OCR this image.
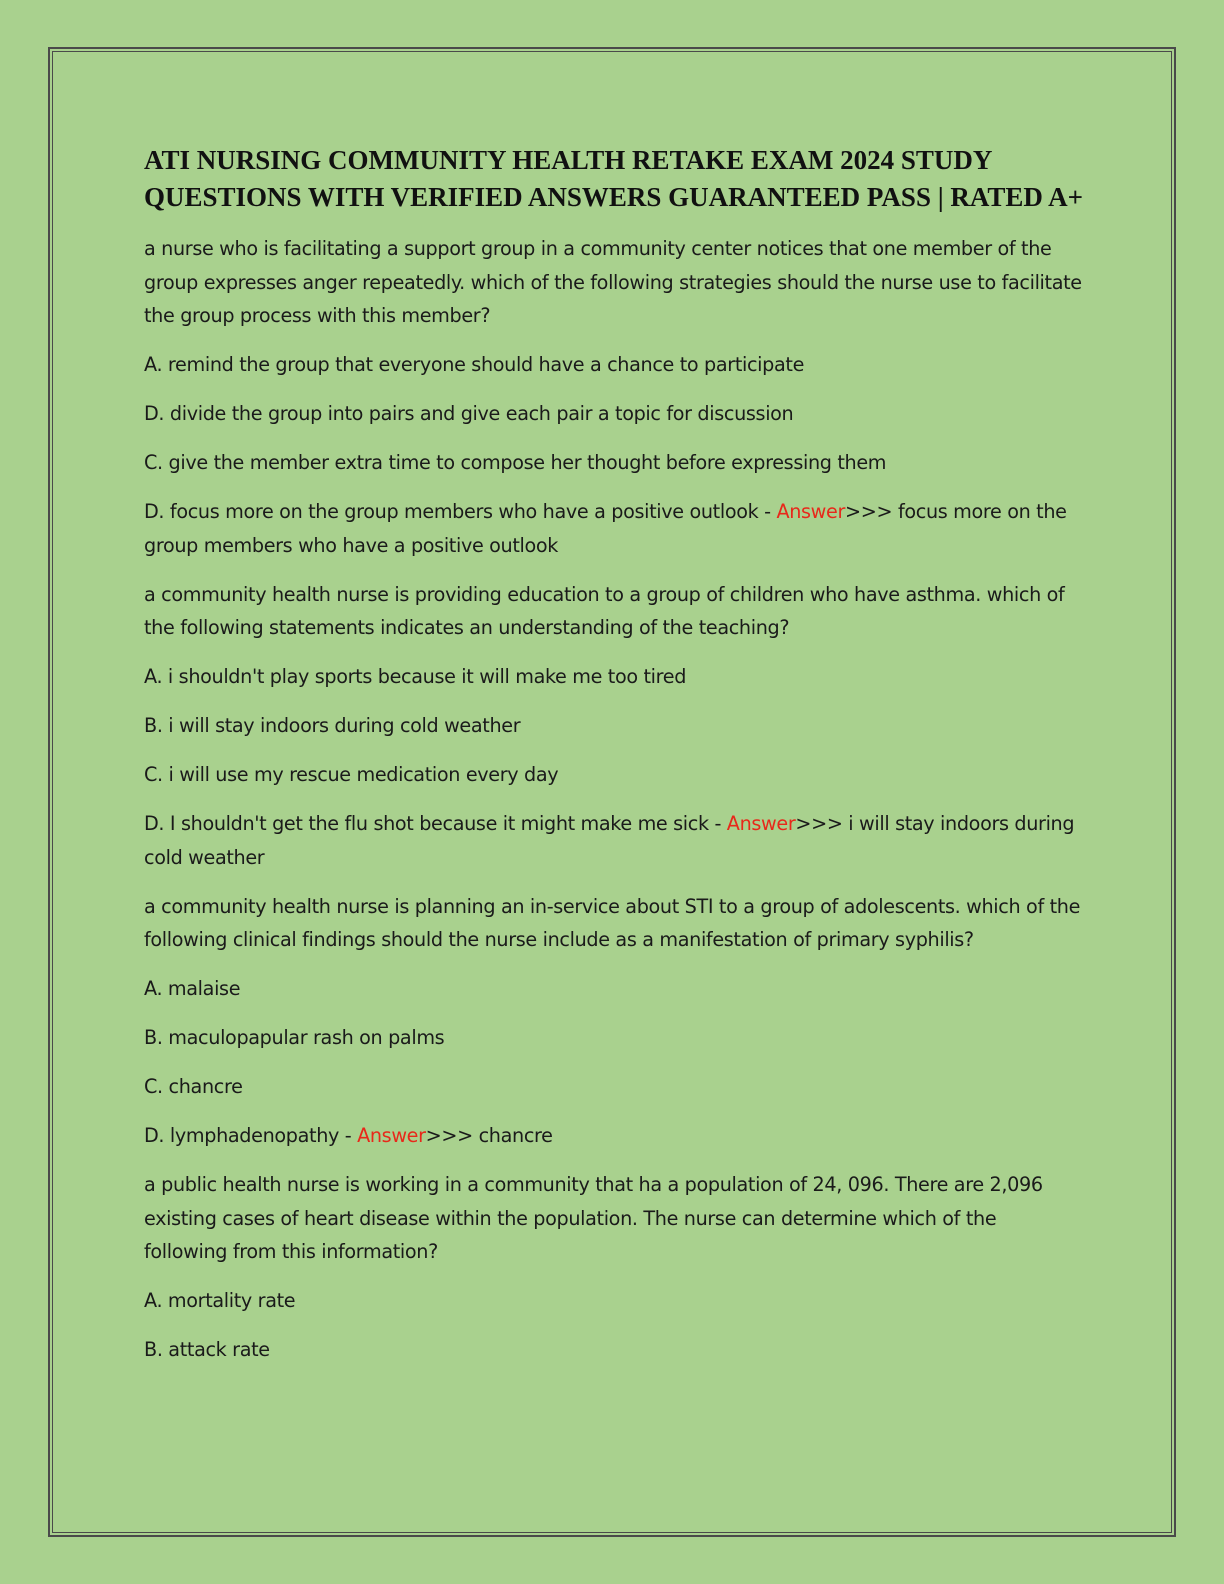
ATI NURSING COMMUNITY HEALTH RETAKE EXAM 2024 STUDY QUESTIONS WITH VERIFIED ANSWERS GUARANTEED PASS | RATED A+

a nurse who is facilitating a support group in a community center notices that one member of the group expresses anger repeatedly. which of the following strategies should the nurse use to facilitate the group process with this member?

A. remind the group that everyone should have a chance to participate

D. divide the group into pairs and give each pair a topic for discussion

C. give the member extra time to compose her thought before expressing them

D. focus more on the group members who have a positive outlook - Answer>>> focus more on the group members who have a positive outlook

a community health nurse is providing education to a group of children who have asthma. which of the following statements indicates an understanding of the teaching?

A. i shouldn't play sports because it will make me too tired

B. i will stay indoors during cold weather

C. i will use my rescue medication every day

D. I shouldn't get the flu shot because it might make me sick - Answer>>> i will stay indoors during cold weather

a community health nurse is planning an in-service about STI to a group of adolescents. which of the following clinical findings should the nurse include as a manifestation of primary syphilis?

A. malaise

B. maculopapular rash on palms

C. chancre

D. lymphadenopathy - Answer>>> chancre

a public health nurse is working in a community that ha a population of 24, 096. There are 2,096 existing cases of heart disease within the population. The nurse can determine which of the following from this information?

A. mortality rate

B. attack rate
